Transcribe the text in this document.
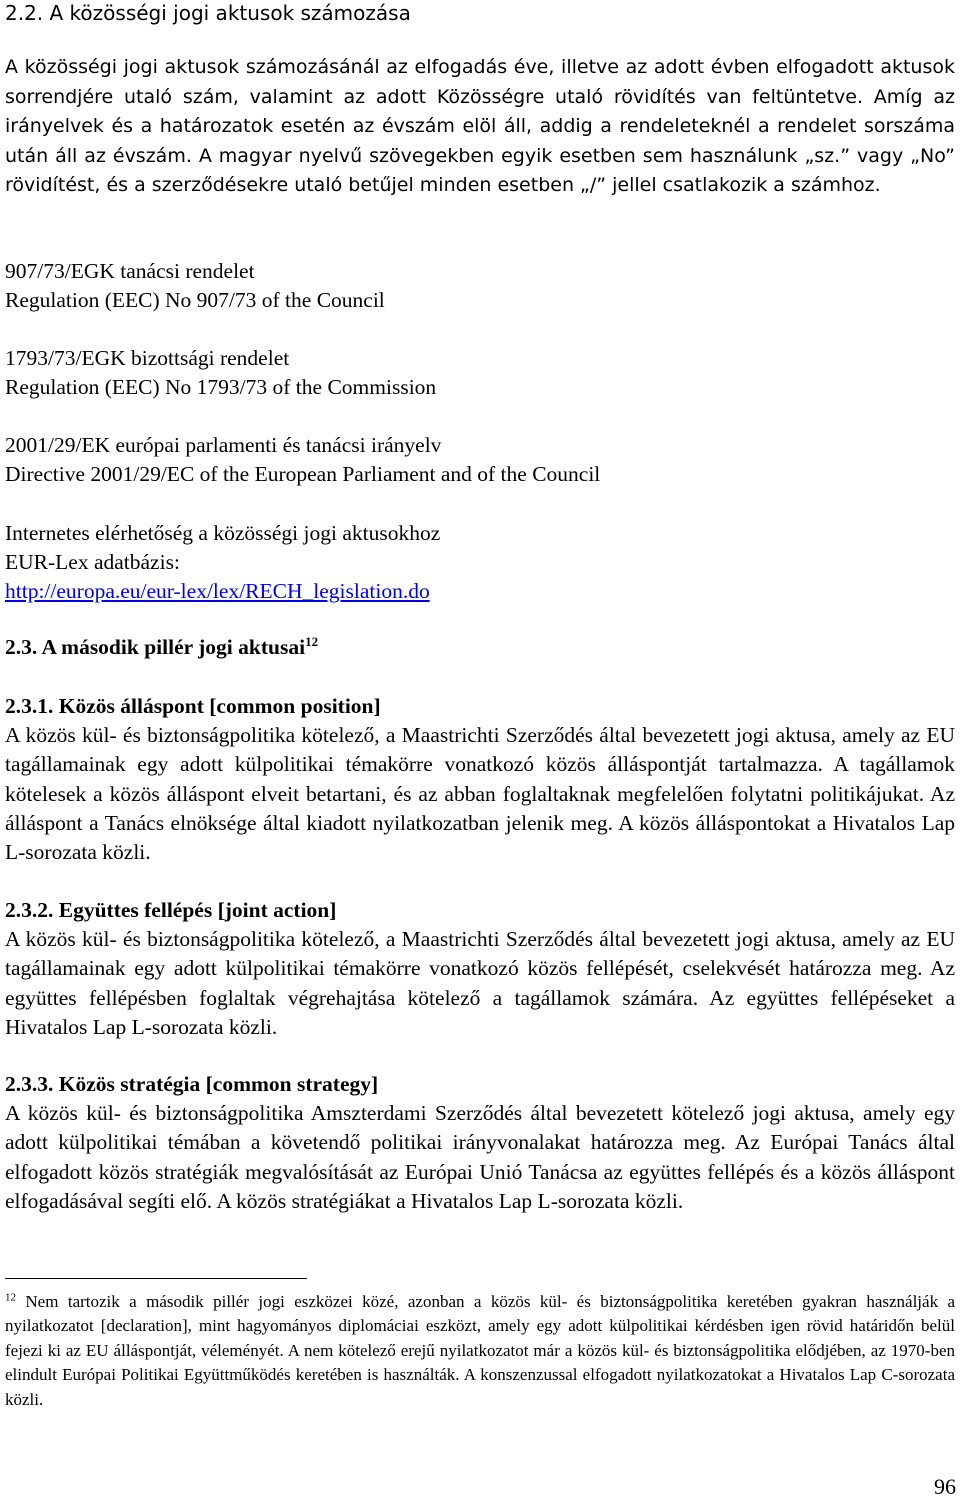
2.2. A közösségi jogi aktusok számozása

A közösségi jogi aktusok számozásánál az elfogadás éve, illetve az adott évben elfogadott aktusok sorrendjére utaló szám, valamint az adott Közösségre utaló rövidítés van feltüntetve. Amíg az irányelvek és a határozatok esetén az évszám elöl áll, addig a rendeleteknél a rendelet sorszáma után áll az évszám. A magyar nyelvű szövegekben egyik esetben sem használunk „sz.” vagy „No” rövidítést, és a szerződésekre utaló betűjel minden esetben „/” jellel csatlakozik a számhoz.

907/73/EGK tanácsi rendelet
Regulation (EEC) No 907/73 of the Council
1793/73/EGK bizottsági rendelet
Regulation (EEC) No 1793/73 of the Commission
2001/29/EK európai parlamenti és tanácsi irányelv
Directive 2001/29/EC of the European Parliament and of the Council
Internetes elérhetőség a közösségi jogi aktusokhoz
EUR-Lex adatbázis:
http://europa.eu/eur-lex/lex/RECH_legislation.do
2.3. A második pillér jogi aktusai$^{12}$
2.3.1. Közös álláspont [common position]
A közös kül- és biztonságpolitika kötelező, a Maastrichti Szerződés által bevezetett jogi aktusa, amely az EU tagállamainak egy adott külpolitikai témakörre vonatkozó közös álláspontját tartalmazza. A tagállamok kötelesek a közös álláspont elveit betartani, és az abban foglaltaknak megfelelően folytatni politikájukat. Az álláspont a Tanács elnöksége által kiadott nyilatkozatban jelenik meg. A közös álláspontokat a Hivatalos Lap L-sorozata közli.
2.3.2. Együttes fellépés [joint action]
A közös kül- és biztonságpolitika kötelező, a Maastrichti Szerződés által bevezetett jogi aktusa, amely az EU tagállamainak egy adott külpolitikai témakörre vonatkozó közös fellépését, cselekvését határozza meg. Az együttes fellépésben foglaltak végrehajtása kötelező a tagállamok számára. Az együttes fellépéseket a Hivatalos Lap L-sorozata közli.
2.3.3. Közös stratégia [common strategy]
A közös kül- és biztonságpolitika Amszterdami Szerződés által bevezetett kötelező jogi aktusa, amely egy adott külpolitikai témában a követendő politikai irányvonalakat határozza meg. Az Európai Tanács által elfogadott közös stratégiák megvalósítását az Európai Unió Tanácsa az együttes fellépés és a közös álláspont elfogadásával segíti elő. A közös stratégiákat a Hivatalos Lap L-sorozata közli.
$^{12}$ Nem tartozik a második pillér jogi eszközei közé, azonban a közös kül- és biztonságpolitika keretében gyakran használják a nyilatkozatot [declaration], mint hagyományos diplomáciai eszközt, amely egy adott külpolitikai kérdésben igen rövid határidőn belül fejezi ki az EU álláspontját, véleményét. A nem kötelező erejű nyilatkozatot már a közös kül- és biztonságpolitika elődjében, az 1970-ben elindult Európai Politikai Együttműködés keretében is használták. A konszenzussal elfogadott nyilatkozatokat a Hivatalos Lap C-sorozata közli.
96
